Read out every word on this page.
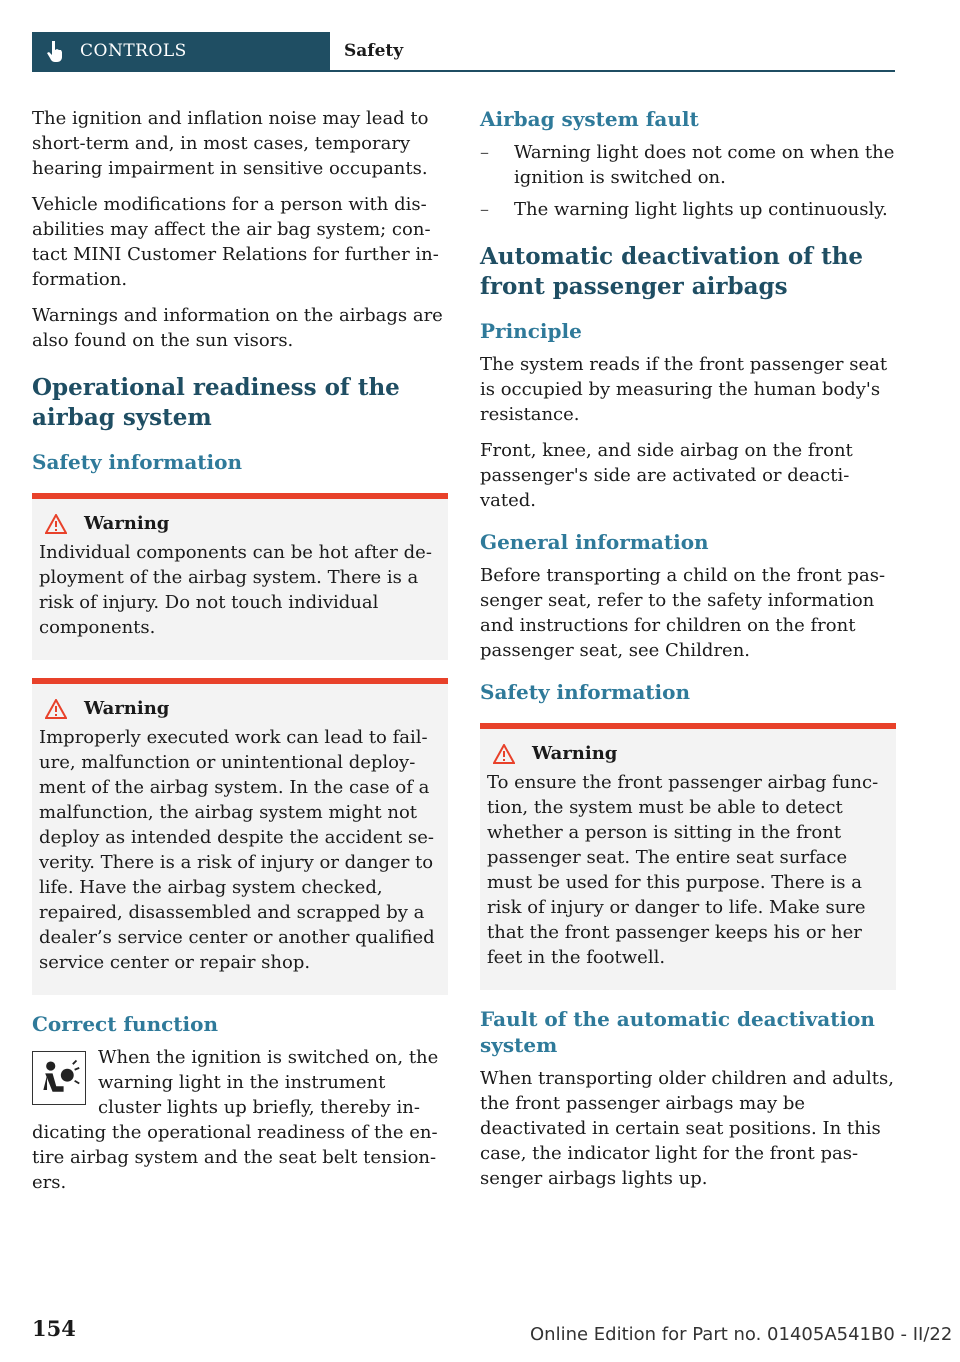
CONTROLS	Safety

The ignition and inflation noise may lead to short-term and, in most cases, temporary hearing impairment in sensitive occupants.

Vehicle modifications for a person with disabilities may affect the air bag system; contact MINI Customer Relations for further information.

Warnings and information on the airbags are also found on the sun visors.

Operational readiness of the airbag system
Safety information
Warning

Individual components can be hot after deployment of the airbag system. There is a risk of injury. Do not touch individual components.

Warning

Improperly executed work can lead to failure, malfunction or unintentional deployment of the airbag system. In the case of a malfunction, the airbag system might not deploy as intended despite the accident severity. There is a risk of injury or danger to life. Have the airbag system checked, repaired, disassembled and scrapped by a dealer’s service center or another qualified service center or repair shop.

Correct function

When the ignition is switched on, the warning light in the instrument cluster lights up briefly, thereby indicating the operational readiness of the entire airbag system and the seat belt tensioners.

Airbag system fault
– Warning light does not come on when the ignition is switched on.
– The warning light lights up continuously.
Automatic deactivation of the front passenger airbags
Principle

The system reads if the front passenger seat is occupied by measuring the human body's resistance.

Front, knee, and side airbag on the front passenger's side are activated or deactivated.

General information

Before transporting a child on the front passenger seat, refer to the safety information and instructions for children on the front passenger seat, see Children.

Safety information
Warning

To ensure the front passenger airbag function, the system must be able to detect whether a person is sitting in the front passenger seat. The entire seat surface must be used for this purpose. There is a risk of injury or danger to life. Make sure that the front passenger keeps his or her feet in the footwell.

Fault of the automatic deactivation system

When transporting older children and adults, the front passenger airbags may be deactivated in certain seat positions. In this case, the indicator light for the front passenger airbags lights up.

154	Online Edition for Part no. 01405A541B0 - II/22
